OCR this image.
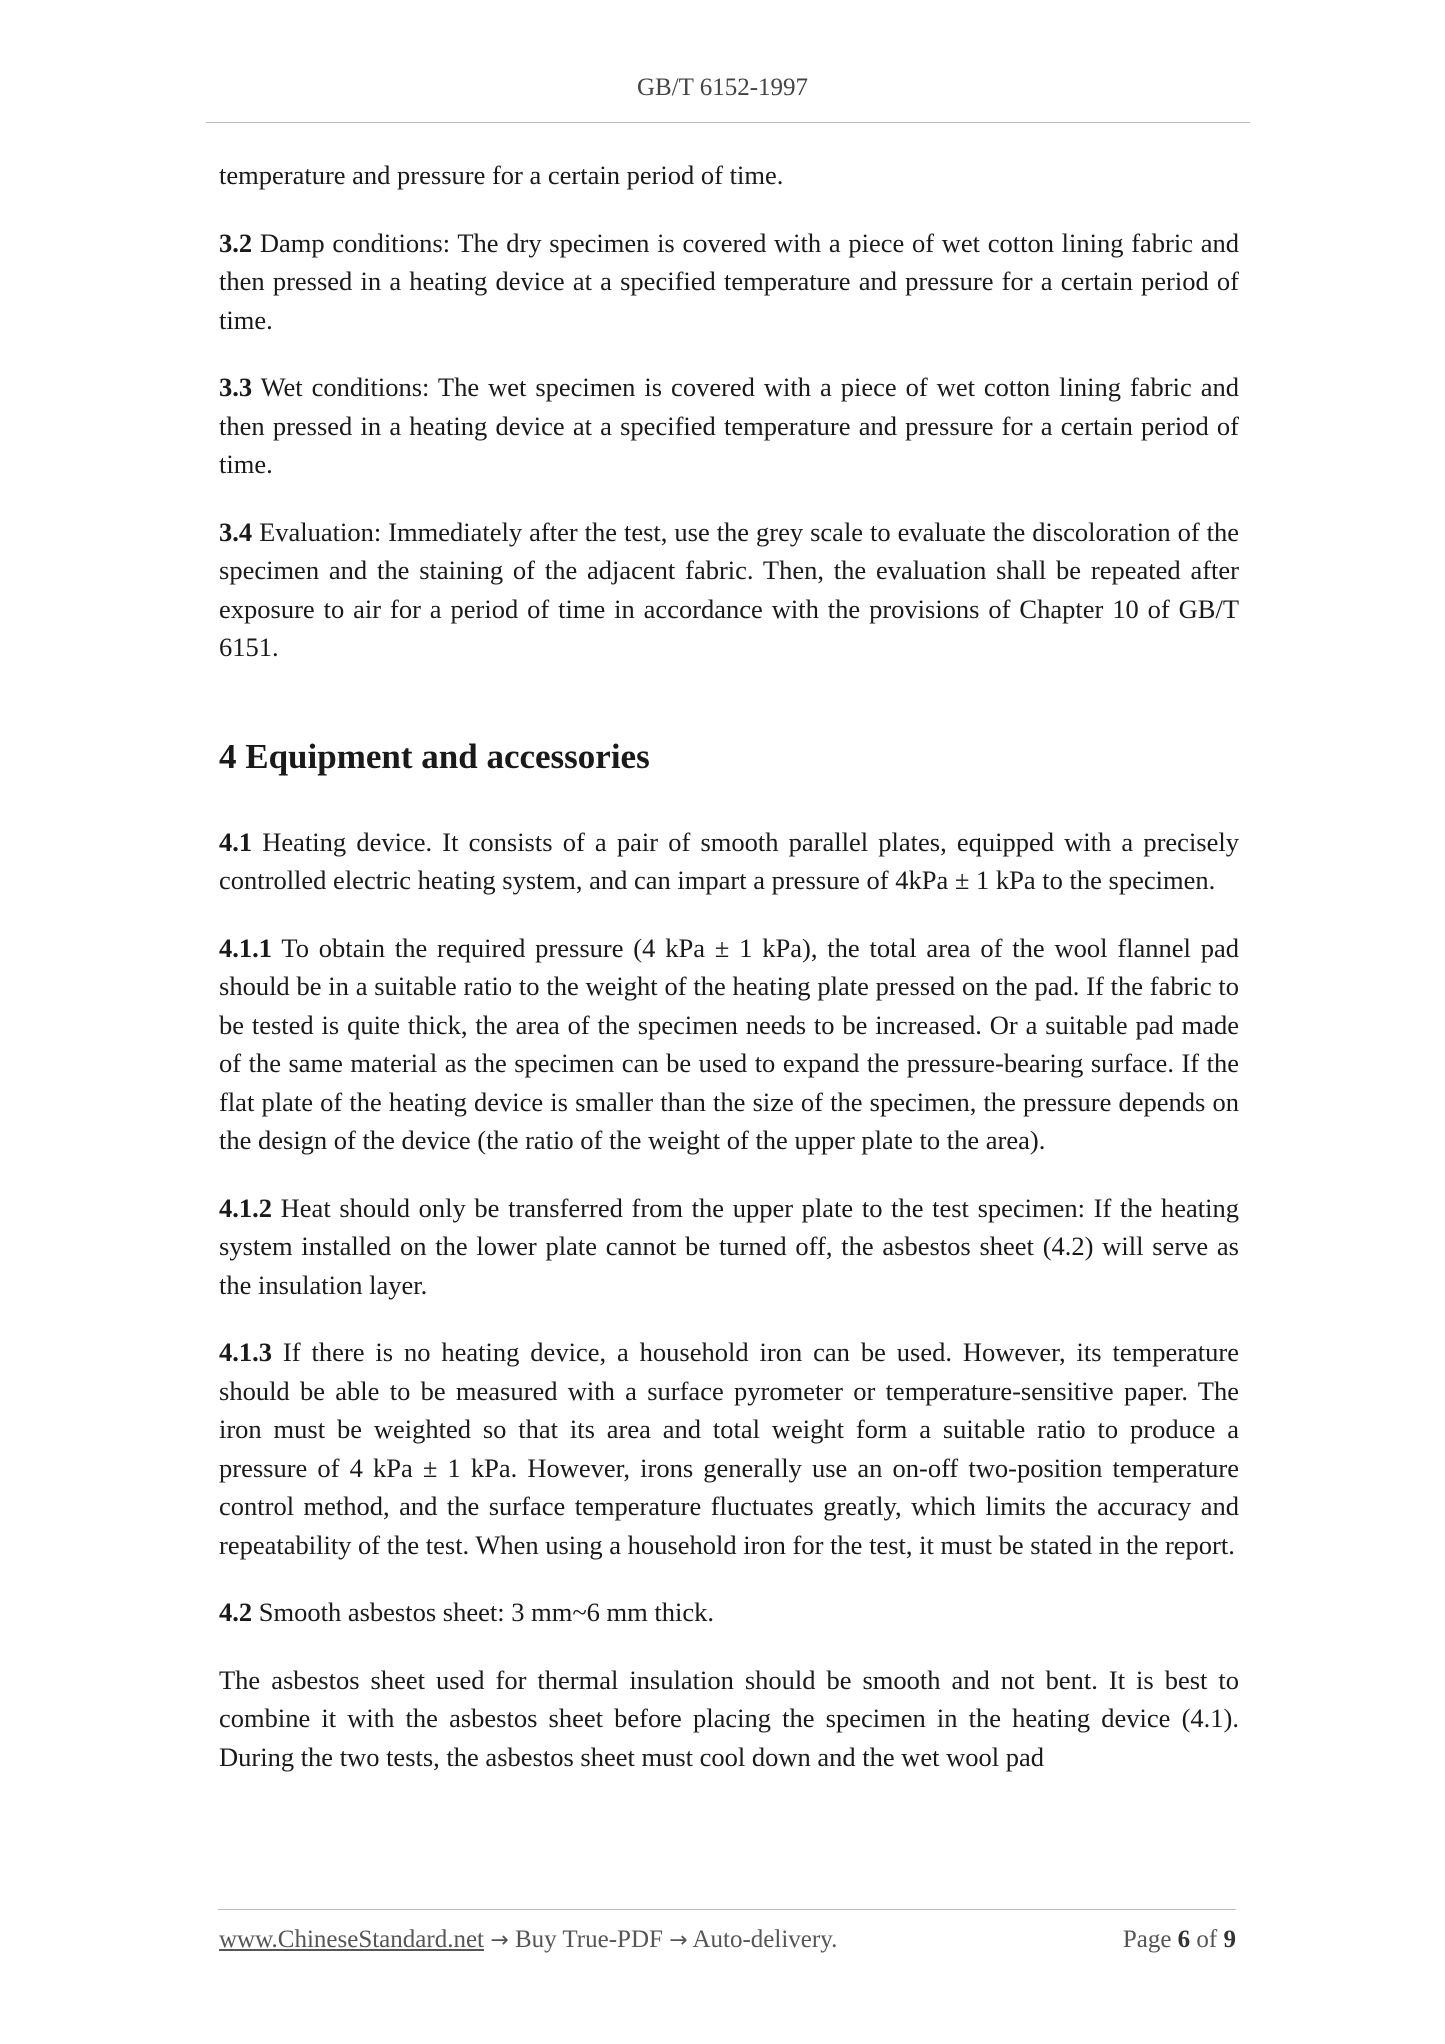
GB/T 6152-1997

temperature and pressure for a certain period of time.

3.2 Damp conditions: The dry specimen is covered with a piece of wet cotton lining fabric and then pressed in a heating device at a specified temperature and pressure for a certain period of time.

3.3 Wet conditions: The wet specimen is covered with a piece of wet cotton lining fabric and then pressed in a heating device at a specified temperature and pressure for a certain period of time.

3.4 Evaluation: Immediately after the test, use the grey scale to evaluate the discoloration of the specimen and the staining of the adjacent fabric. Then, the evaluation shall be repeated after exposure to air for a period of time in accordance with the provisions of Chapter 10 of GB/T 6151.

4 Equipment and accessories

4.1 Heating device. It consists of a pair of smooth parallel plates, equipped with a precisely controlled electric heating system, and can impart a pressure of 4kPa ± 1 kPa to the specimen.

4.1.1 To obtain the required pressure (4 kPa ± 1 kPa), the total area of the wool flannel pad should be in a suitable ratio to the weight of the heating plate pressed on the pad. If the fabric to be tested is quite thick, the area of the specimen needs to be increased. Or a suitable pad made of the same material as the specimen can be used to expand the pressure-bearing surface. If the flat plate of the heating device is smaller than the size of the specimen, the pressure depends on the design of the device (the ratio of the weight of the upper plate to the area).

4.1.2 Heat should only be transferred from the upper plate to the test specimen: If the heating system installed on the lower plate cannot be turned off, the asbestos sheet (4.2) will serve as the insulation layer.

4.1.3 If there is no heating device, a household iron can be used. However, its temperature should be able to be measured with a surface pyrometer or temperature-sensitive paper. The iron must be weighted so that its area and total weight form a suitable ratio to produce a pressure of 4 kPa ± 1 kPa. However, irons generally use an on-off two-position temperature control method, and the surface temperature fluctuates greatly, which limits the accuracy and repeatability of the test. When using a household iron for the test, it must be stated in the report.

4.2 Smooth asbestos sheet: 3 mm~6 mm thick.

The asbestos sheet used for thermal insulation should be smooth and not bent. It is best to combine it with the asbestos sheet before placing the specimen in the heating device (4.1). During the two tests, the asbestos sheet must cool down and the wet wool pad

www.ChineseStandard.net → Buy True-PDF → Auto-delivery.	Page 6 of 9
